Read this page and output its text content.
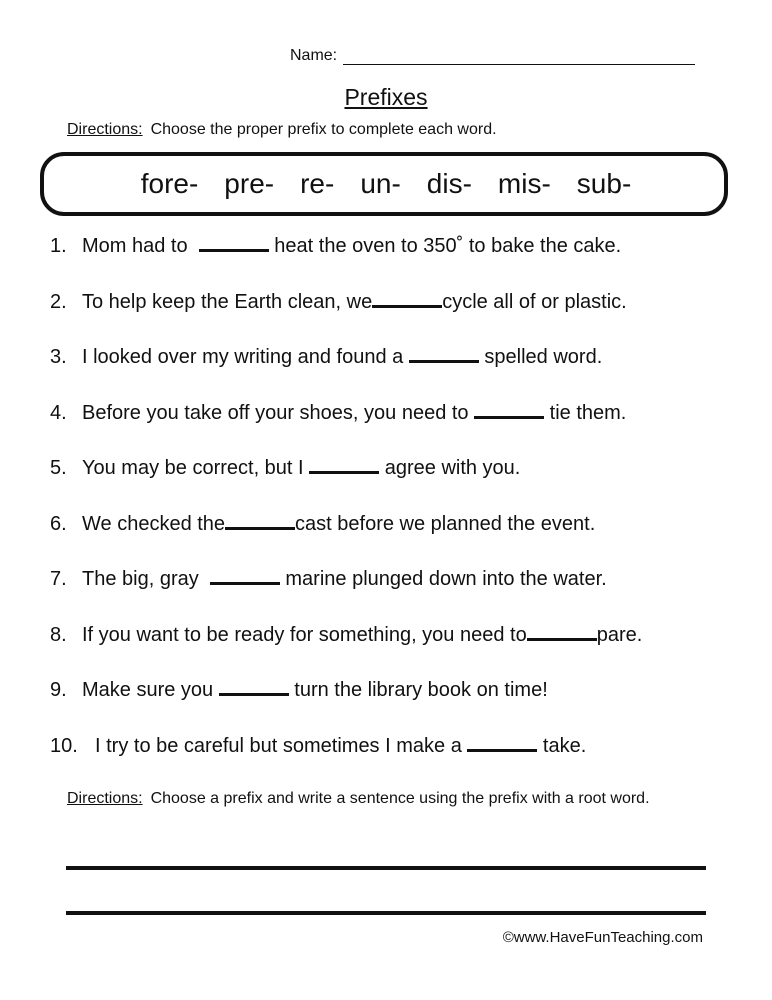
Name:
Prefixes
Directions: Choose the proper prefix to complete each word.
fore- pre- re- un- dis- mis- sub-
1. Mom had to	heat the oven to 350˚ to bake the cake.
2. To help keep the Earth clean, we	cycle all of or plastic.
3. I looked over my writing and found a	spelled word.
4. Before you take off your shoes, you need to	tie them.
5. You may be correct, but I	agree with you.
6. We checked the	cast before we planned the event.
7. The big, gray	marine plunged down into the water.
8. If you want to be ready for something, you need to	pare.
9. Make sure you	turn the library book on time!
10. I try to be careful but sometimes I make a	take.
Directions: Choose a prefix and write a sentence using the prefix with a root word.
©www.HaveFunTeaching.com
